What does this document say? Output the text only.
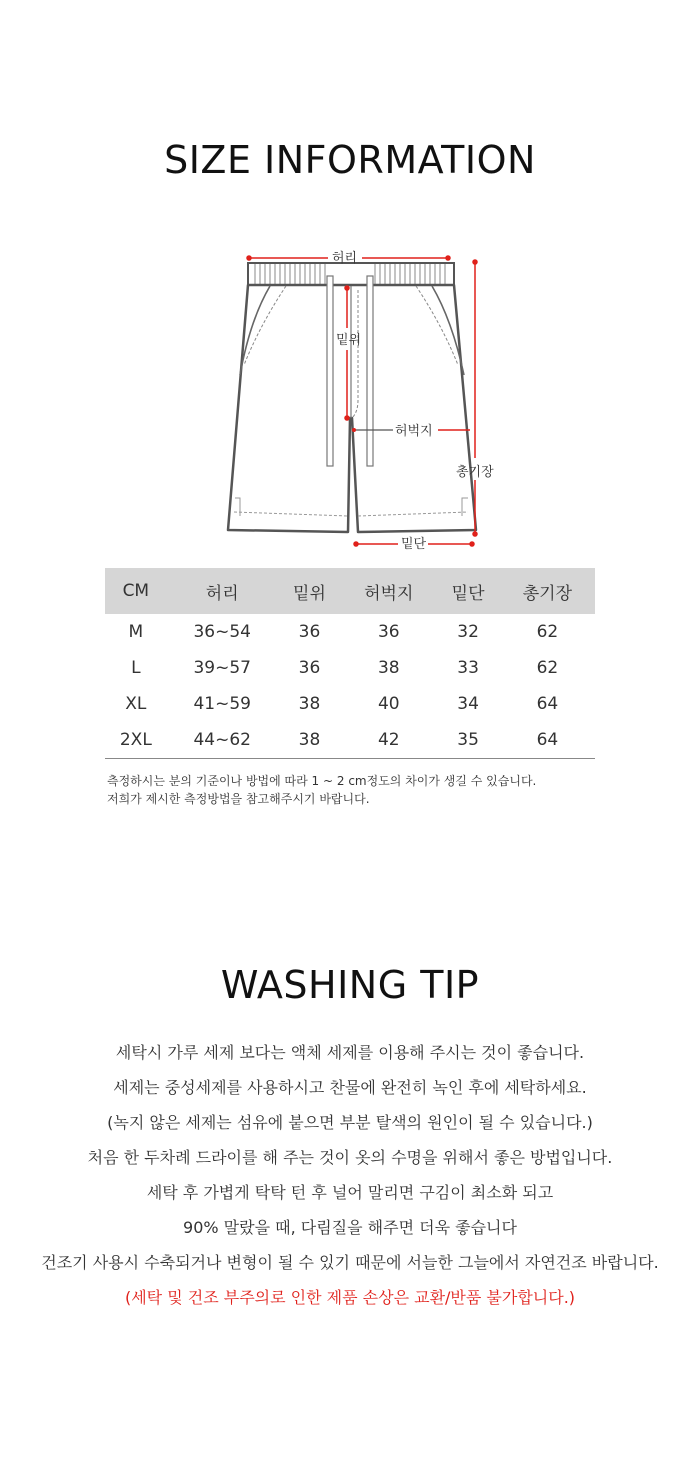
SIZE INFORMATION
허리
밑위
허벅지
총기장
밑단
CM	허리	밑위	허벅지	밑단	총기장
M	36~54	36	36	32	62
L	39~57	36	38	33	62
XL	41~59	38	40	34	64
2XL	44~62	38	42	35	64
측정하시는 분의 기준이나 방법에 따라 1 ~ 2 cm정도의 차이가 생길 수 있습니다.
저희가 제시한 측정방법을 참고해주시기 바랍니다.
WASHING TIP
세탁시 가루 세제 보다는 액체 세제를 이용해 주시는 것이 좋습니다.
세제는 중성세제를 사용하시고 찬물에 완전히 녹인 후에 세탁하세요.
(녹지 않은 세제는 섬유에 붙으면 부분 탈색의 원인이 될 수 있습니다.)
처음 한 두차례 드라이를 해 주는 것이 옷의 수명을 위해서 좋은 방법입니다.
세탁 후 가볍게 탁탁 턴 후 널어 말리면 구김이 최소화 되고
90% 말랐을 때, 다림질을 해주면 더욱 좋습니다
건조기 사용시 수축되거나 변형이 될 수 있기 때문에 서늘한 그늘에서 자연건조 바랍니다.
(세탁 및 건조 부주의로 인한 제품 손상은 교환/반품 불가합니다.)
